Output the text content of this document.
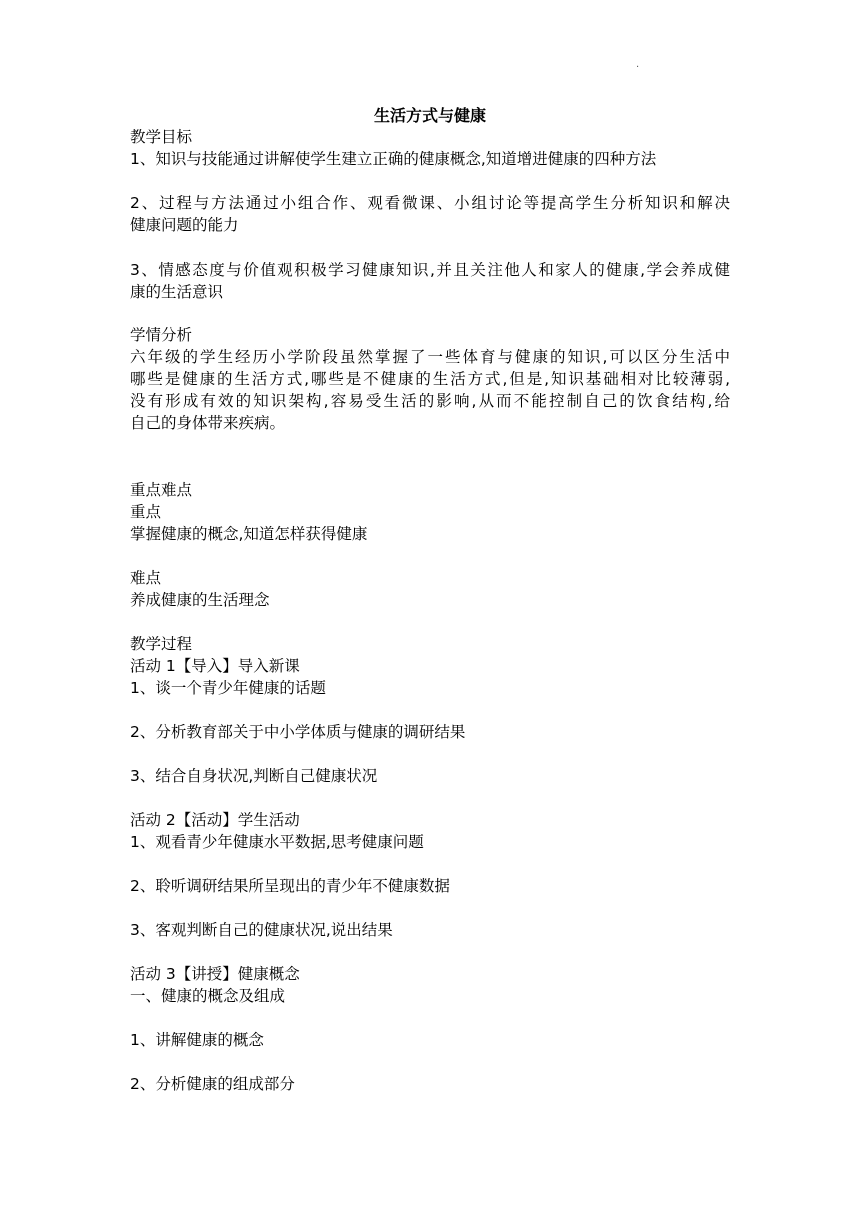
.
生活方式与健康

教学目标

1、知识与技能通过讲解使学生建立正确的健康概念,知道增进健康的四种方法

2、过程与方法通过小组合作、观看微课、小组讨论等提高学生分析知识和解决

健康问题的能力

3、情感态度与价值观积极学习健康知识,并且关注他人和家人的健康,学会养成健

康的生活意识

学情分析

六年级的学生经历小学阶段虽然掌握了一些体育与健康的知识,可以区分生活中

哪些是健康的生活方式,哪些是不健康的生活方式,但是,知识基础相对比较薄弱,

没有形成有效的知识架构,容易受生活的影响,从而不能控制自己的饮食结构,给

自己的身体带来疾病。

重点难点

重点

掌握健康的概念,知道怎样获得健康

难点

养成健康的生活理念

教学过程

活动 1【导入】导入新课

1、谈一个青少年健康的话题

2、分析教育部关于中小学体质与健康的调研结果

3、结合自身状况,判断自己健康状况

活动 2【活动】学生活动

1、观看青少年健康水平数据,思考健康问题

2、聆听调研结果所呈现出的青少年不健康数据

3、客观判断自己的健康状况,说出结果

活动 3【讲授】健康概念

一、健康的概念及组成

1、讲解健康的概念

2、分析健康的组成部分
